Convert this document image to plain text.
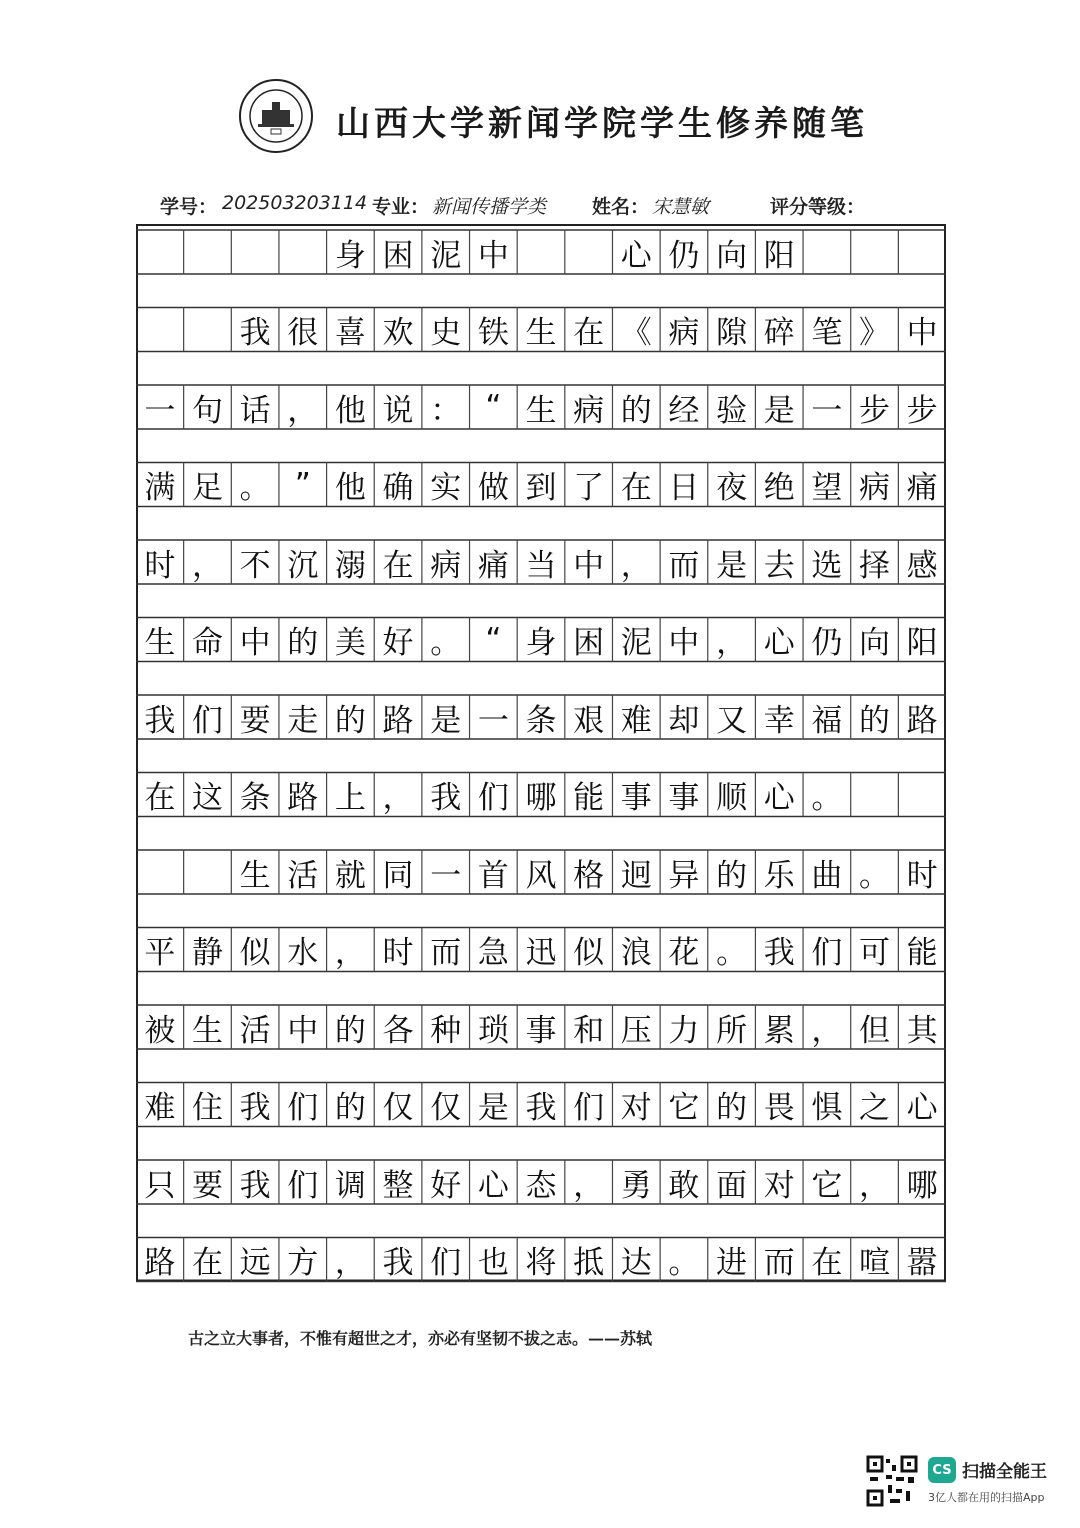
山西大学新闻学院学生修养随笔
学号： 202503203114 专业： 新闻传播学类 姓名： 宋慧敏	评分等级：
身 困 泥 中	心 仍 向 阳
我 很 喜 欢 史 铁 生 在 《 病 隙 碎 笔 》 中
一 句 话 ， 他 说 ： “ 生 病 的 经 验 是 一 步 步
满 足 。 ” 他 确 实 做 到 了 在 日 夜 绝 望 病 痛
时 ， 不 沉 溺 在 病 痛 当 中 ， 而 是 去 选 择 感
生 命 中 的 美 好 。 “ 身 困 泥 中 ， 心 仍 向 阳
我 们 要 走 的 路 是 一 条 艰 难 却 又 幸 福 的 路
在 这 条 路 上 ， 我 们 哪 能 事 事 顺 心 。
生 活 就 同 一 首 风 格 迥 异 的 乐 曲 。 时
平 静 似 水 ， 时 而 急 迅 似 浪 花 。 我 们 可 能
被 生 活 中 的 各 种 琐 事 和 压 力 所 累 ， 但 其
难 住 我 们 的 仅 仅 是 我 们 对 它 的 畏 惧 之 心
只 要 我 们 调 整 好 心 态 ， 勇 敢 面 对 它 ， 哪
路 在 远 方 ， 我 们 也 将 抵 达 。 进 而 在 喧 嚣
古之立大事者，不惟有超世之才，亦必有坚韧不拔之志。——苏轼
CS 扫描全能王
3亿人都在用的扫描App
